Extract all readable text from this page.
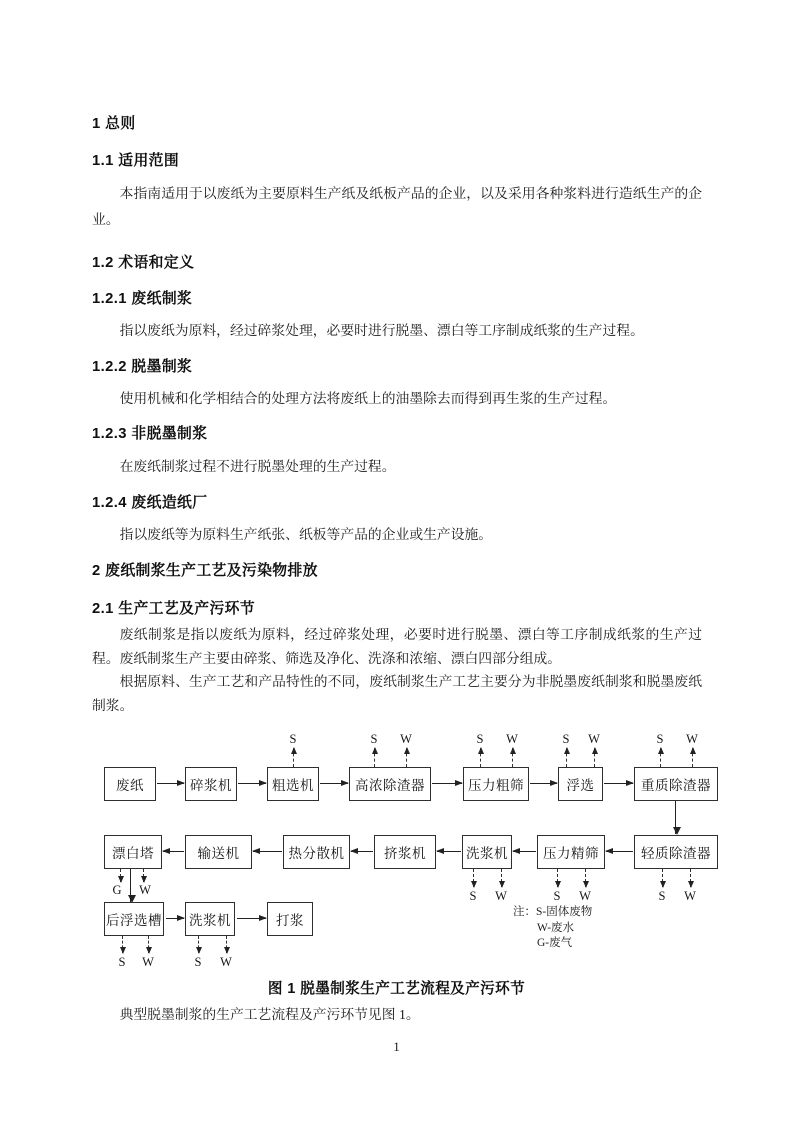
1 总则
1.1 适用范围
本指南适用于以废纸为主要原料生产纸及纸板产品的企业，以及采用各种浆料进行造纸生产的企业。
1.2 术语和定义
1.2.1 废纸制浆
指以废纸为原料，经过碎浆处理，必要时进行脱墨、漂白等工序制成纸浆的生产过程。
1.2.2 脱墨制浆
使用机械和化学相结合的处理方法将废纸上的油墨除去而得到再生浆的生产过程。
1.2.3 非脱墨制浆
在废纸制浆过程不进行脱墨处理的生产过程。
1.2.4 废纸造纸厂
指以废纸等为原料生产纸张、纸板等产品的企业或生产设施。
2 废纸制浆生产工艺及污染物排放
2.1 生产工艺及产污环节
废纸制浆是指以废纸为原料，经过碎浆处理，必要时进行脱墨、漂白等工序制成纸浆的生产过程。废纸制浆生产主要由碎浆、筛选及净化、洗涤和浓缩、漂白四部分组成。
根据原料、生产工艺和产品特性的不同，废纸制浆生产工艺主要分为非脱墨废纸制浆和脱墨废纸制浆。
废纸	碎浆机	粗选机	高浓除渣器	压力粗筛	浮选	重质除渣器
S	S W	S W	S W	S W
漂白塔	输送机	热分散机	挤浆机	洗浆机	压力精筛	轻质除渣器
S W	S W	S W
G W
后浮选槽 洗浆机	打浆
S W	S W
注：S-固体废物
W-废水
G-废气
图 1 脱墨制浆生产工艺流程及产污环节
典型脱墨制浆的生产工艺流程及产污环节见图 1。
1
